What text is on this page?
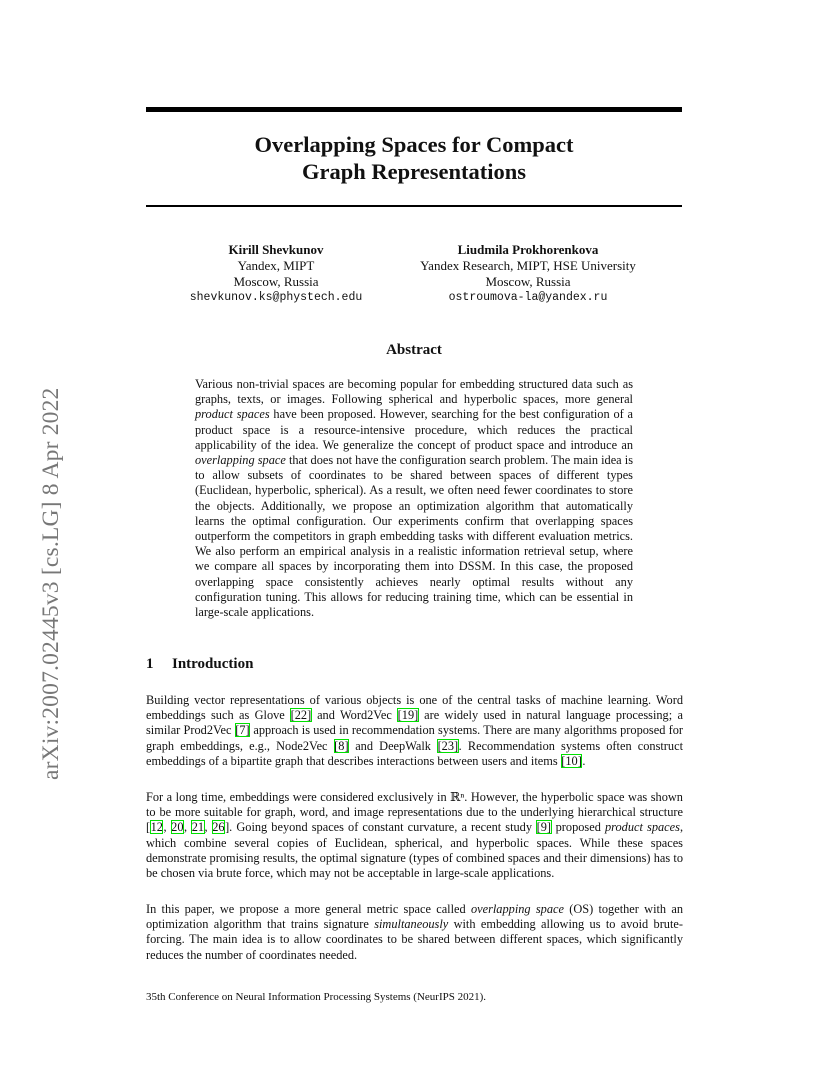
arXiv:2007.02445v3 [cs.LG] 8 Apr 2022
Overlapping Spaces for Compact
Graph Representations
Kirill Shevkunov
Yandex, MIPT
Moscow, Russia
shevkunov.ks@phystech.edu
Liudmila Prokhorenkova
Yandex Research, MIPT, HSE University
Moscow, Russia
ostroumova-la@yandex.ru
Abstract

Various non-trivial spaces are becoming popular for embedding structured data such as graphs, texts, or images. Following spherical and hyperbolic spaces, more general product spaces have been proposed. However, searching for the best configuration of a product space is a resource-intensive procedure, which reduces the practical applicability of the idea. We generalize the concept of product space and introduce an overlapping space that does not have the configuration search problem. The main idea is to allow subsets of coordinates to be shared between spaces of different types (Euclidean, hyperbolic, spherical). As a result, we often need fewer coordinates to store the objects. Additionally, we propose an optimization algorithm that automatically learns the optimal configuration. Our experiments confirm that overlapping spaces outperform the competitors in graph embedding tasks with different evaluation metrics. We also perform an empirical analysis in a realistic information retrieval setup, where we compare all spaces by incorporating them into DSSM. In this case, the proposed overlapping space consistently achieves nearly optimal results without any configuration tuning. This allows for reducing training time, which can be essential in large-scale applications.

1 Introduction

Building vector representations of various objects is one of the central tasks of machine learning. Word embeddings such as Glove [22] and Word2Vec [19] are widely used in natural language processing; a similar Prod2Vec [7] approach is used in recommendation systems. There are many algorithms proposed for graph embeddings, e.g., Node2Vec [8] and DeepWalk [23]. Recommendation systems often construct embeddings of a bipartite graph that describes interactions between users and items [10].

For a long time, embeddings were considered exclusively in ℝⁿ. However, the hyperbolic space was shown to be more suitable for graph, word, and image representations due to the underlying hierarchical structure [12, 20, 21, 26]. Going beyond spaces of constant curvature, a recent study [9] proposed product spaces, which combine several copies of Euclidean, spherical, and hyperbolic spaces. While these spaces demonstrate promising results, the optimal signature (types of combined spaces and their dimensions) has to be chosen via brute force, which may not be acceptable in large-scale applications.

In this paper, we propose a more general metric space called overlapping space (OS) together with an optimization algorithm that trains signature simultaneously with embedding allowing us to avoid brute-forcing. The main idea is to allow coordinates to be shared between different spaces, which significantly reduces the number of coordinates needed.

35th Conference on Neural Information Processing Systems (NeurIPS 2021).
